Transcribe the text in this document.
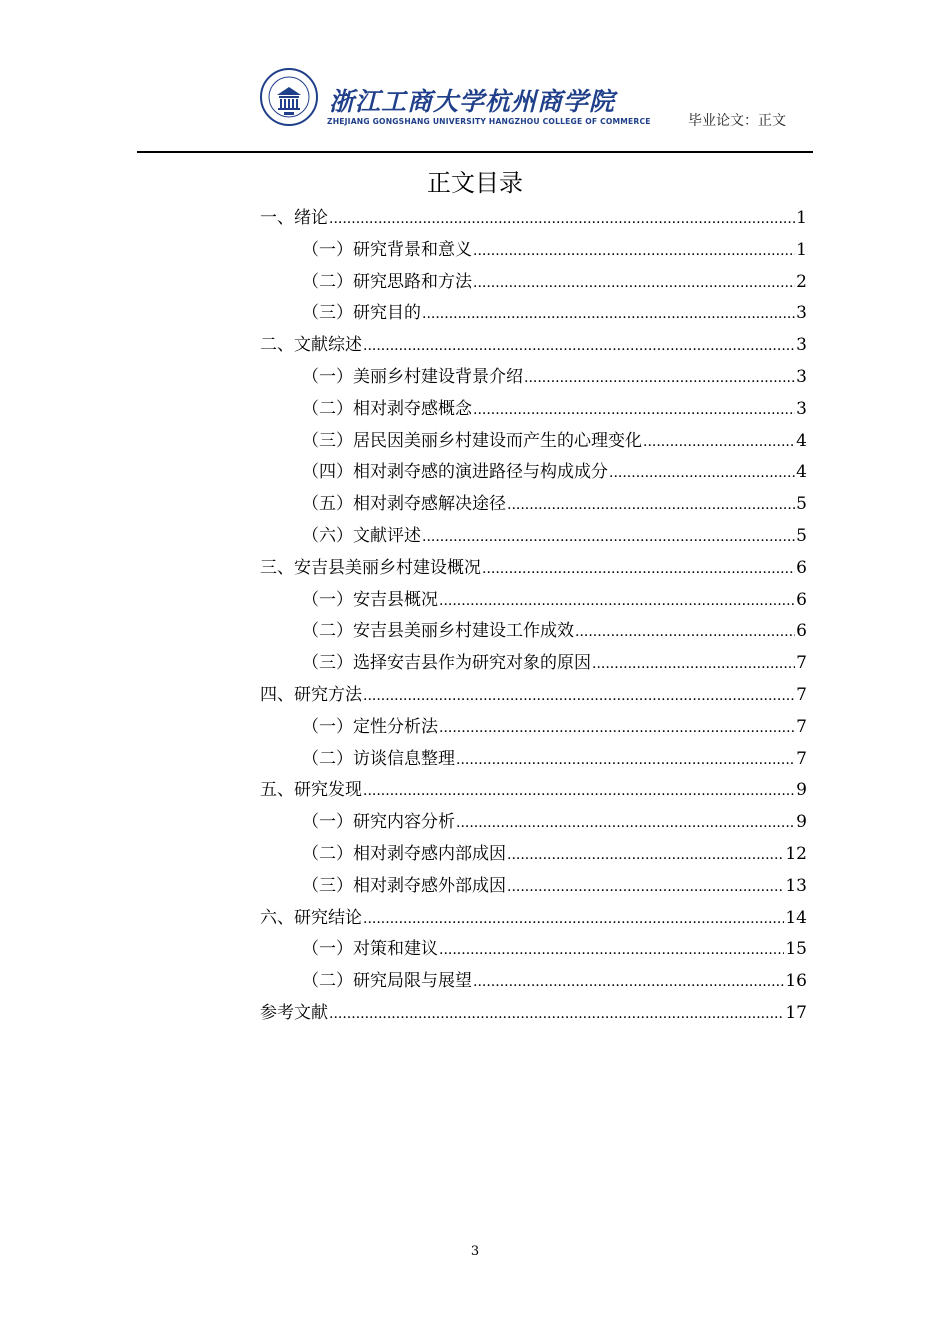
浙江工商大学杭州商学院
ZHEJIANG GONGSHANG UNIVERSITY HANGZHOU COLLEGE OF COMMERCE	毕业论文：正文
正文目录
一、 绪论 .....	1
（一） 研究背景和意义 .....	1
（二） 研究思路和方法 .....	2
（三） 研究目的 .....	3
二、 文献综述 .....	3
（一） 美丽乡村建设背景介绍 .....	3
（二） 相对剥夺感概念 .....	3
（三） 居民因美丽乡村建设而产生的心理变化 .....	4
（四） 相对剥夺感的演进路径与构成成分 .....	4
（五） 相对剥夺感解决途径 .....	5
（六） 文献评述 .....	5
三、 安吉县美丽乡村建设概况 .....	6
（一） 安吉县概况 .....	6
（二） 安吉县美丽乡村建设工作成效 .....	6
（三） 选择安吉县作为研究对象的原因 .....	7
四、 研究方法 .....	7
（一） 定性分析法 .....	7
（二） 访谈信息整理 .....	7
五、 研究发现 .....	9
（一） 研究内容分析 .....	9
（二） 相对剥夺感内部成因 .....	12
（三） 相对剥夺感外部成因 .....	13
六、 研究结论 .....	14
（一） 对策和建议 .....	15
（二） 研究局限与展望 .....	16
参考文献 .....	17
3
